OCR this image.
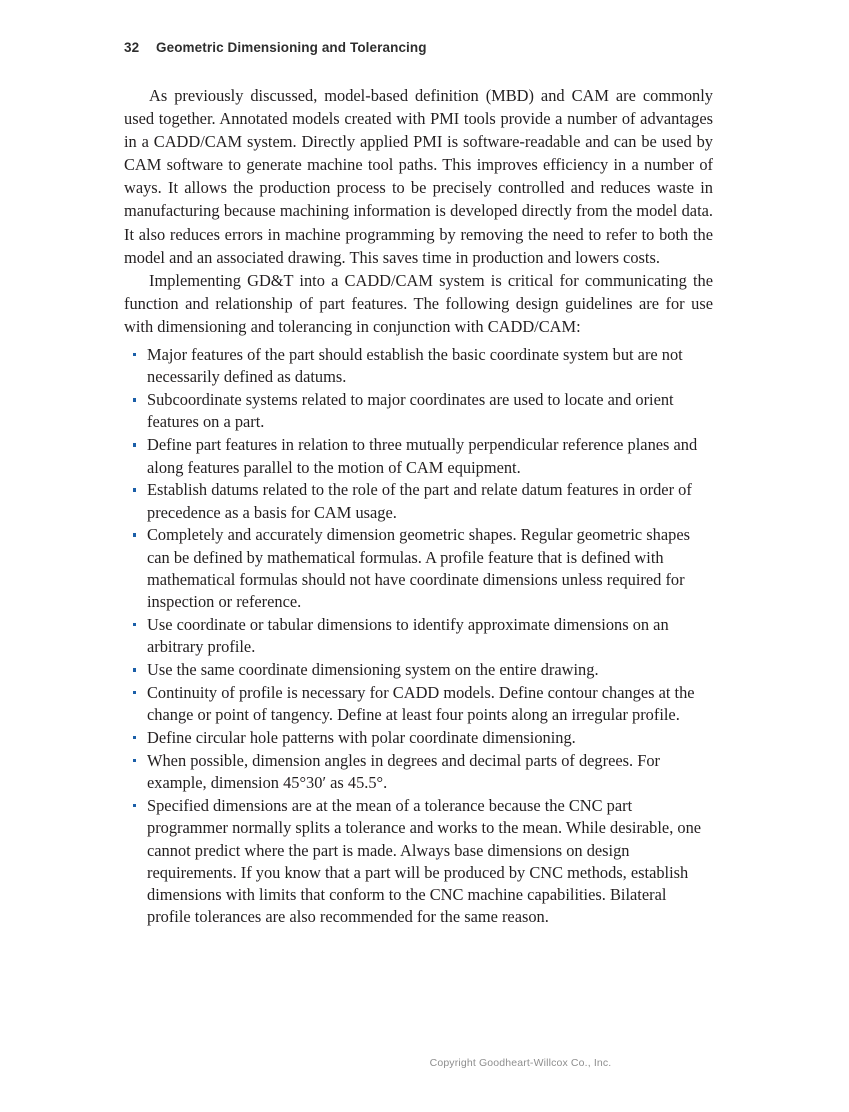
32	Geometric Dimensioning and Tolerancing

As previously discussed, model-based definition (MBD) and CAM are commonly used together. Annotated models created with PMI tools provide a number of advantages in a CADD/CAM system. Directly applied PMI is software-readable and can be used by CAM software to generate machine tool paths. This improves efficiency in a number of ways. It allows the production process to be precisely controlled and reduces waste in manufacturing because machining information is developed directly from the model data. It also reduces errors in machine programming by removing the need to refer to both the model and an associated drawing. This saves time in production and lowers costs.

Implementing GD&T into a CADD/CAM system is critical for communicating the function and relationship of part features. The following design guidelines are for use with dimensioning and tolerancing in conjunction with CADD/CAM:

Major features of the part should establish the basic coordinate system but are not necessarily defined as datums.
Subcoordinate systems related to major coordinates are used to locate and orient features on a part.
Define part features in relation to three mutually perpendicular reference planes and along features parallel to the motion of CAM equipment.
Establish datums related to the role of the part and relate datum features in order of precedence as a basis for CAM usage.
Completely and accurately dimension geometric shapes. Regular geometric shapes can be defined by mathematical formulas. A profile feature that is defined with mathematical formulas should not have coordinate dimensions unless required for inspection or reference.
Use coordinate or tabular dimensions to identify approximate dimensions on an arbitrary profile.
Use the same coordinate dimensioning system on the entire drawing.
Continuity of profile is necessary for CADD models. Define contour changes at the change or point of tangency. Define at least four points along an irregular profile.
Define circular hole patterns with polar coordinate dimensioning.
When possible, dimension angles in degrees and decimal parts of degrees. For example, dimension 45°30′ as 45.5°.
Specified dimensions are at the mean of a tolerance because the CNC part programmer normally splits a tolerance and works to the mean. While desirable, one cannot predict where the part is made. Always base dimensions on design requirements. If you know that a part will be produced by CNC methods, establish dimensions with limits that conform to the CNC machine capabilities. Bilateral profile tolerances are also recommended for the same reason.
Copyright Goodheart-Willcox Co., Inc.
